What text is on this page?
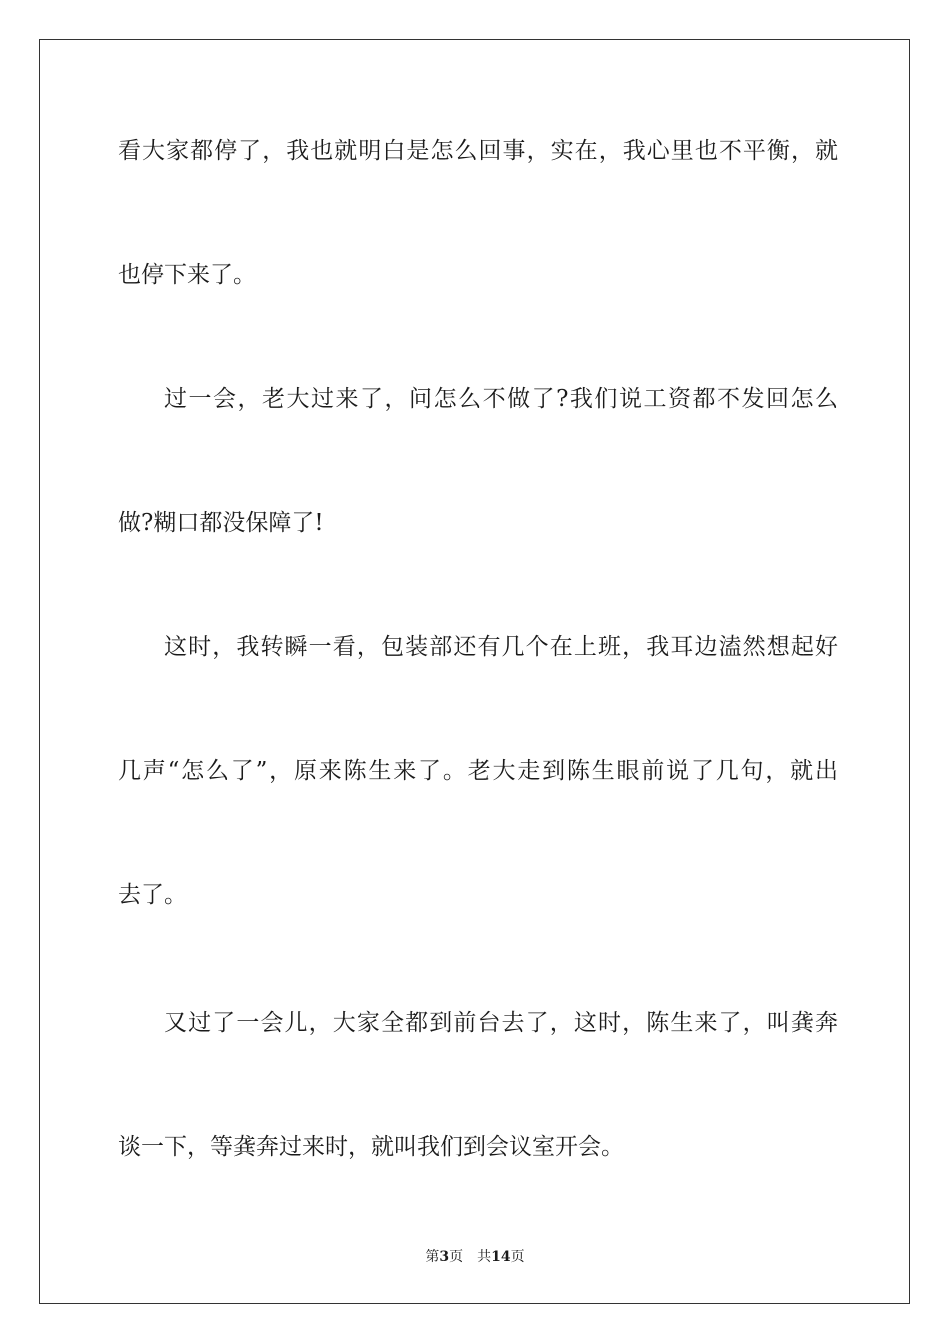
看大家都停了，我也就明白是怎么回事，实在，我心里也不平衡，就
也停下来了。
过一会，老大过来了，问怎么不做了?我们说工资都不发回怎么
做?糊口都没保障了!
这时，我转瞬一看，包装部还有几个在上班，我耳边溘然想起好
几声“怎么了”，原来陈生来了。老大走到陈生眼前说了几句，就出
去了。
又过了一会儿，大家全都到前台去了，这时，陈生来了，叫龚奔
谈一下，等龚奔过来时，就叫我们到会议室开会。
第3页 共14页
